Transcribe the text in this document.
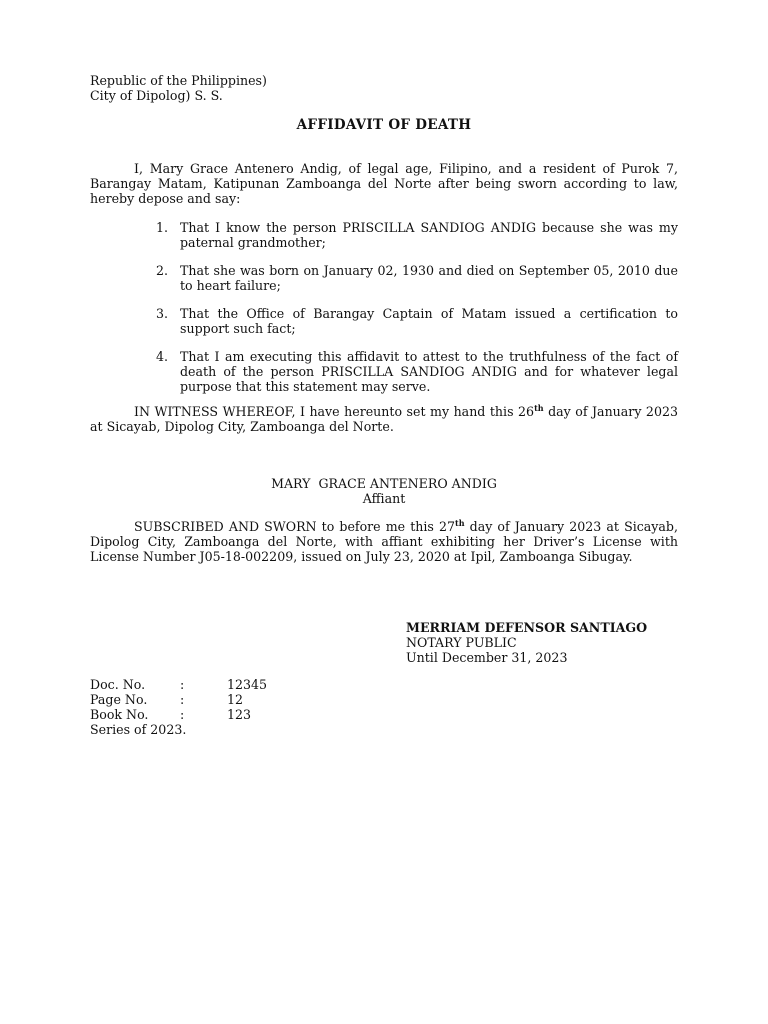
Republic of the Philippines)
City of Dipolog) S. S.
AFFIDAVIT OF DEATH
I, Mary Grace Antenero Andig, of legal age, Filipino, and a resident of Purok 7, Barangay Matam, Katipunan Zamboanga del Norte after being sworn according to law, hereby depose and say:
1. That I know the person PRISCILLA SANDIOG ANDIG because she was my paternal grandmother;
2. That she was born on January 02, 1930 and died on September 05, 2010 due to heart failure;
3. That the Office of Barangay Captain of Matam issued a certification to support such fact;
4. That I am executing this affidavit to attest to the truthfulness of the fact of death of the person PRISCILLA SANDIOG ANDIG and for whatever legal purpose that this statement may serve.
IN WITNESS WHEREOF, I have hereunto set my hand this 26th day of January 2023 at Sicayab, Dipolog City, Zamboanga del Norte.
MARY  GRACE ANTENERO ANDIG
Affiant
SUBSCRIBED AND SWORN to before me this 27th day of January 2023 at Sicayab, Dipolog City, Zamboanga del Norte, with affiant exhibiting her Driver’s License with License Number J05-18-002209, issued on July 23, 2020 at Ipil, Zamboanga Sibugay.
MERRIAM DEFENSOR SANTIAGO
NOTARY PUBLIC
Until December 31, 2023
Doc. No.	:	12345
Page No.	:	12
Book No.	:	123
Series of 2023.
